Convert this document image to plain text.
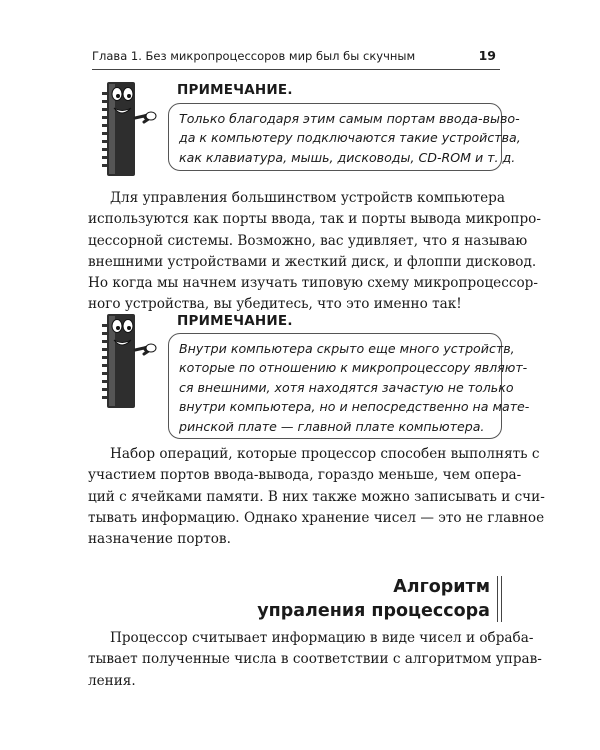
Глава 1. Без микропроцессоров мир был бы скучным	19
ПРИМЕЧАНИЕ.
Только благодаря этим самым портам ввода-выво-
да к компьютеру подключаются такие устройства,
как клавиатура, мышь, дисководы, CD-ROM и т. д.
Для управления большинством устройств компьютера
используются как порты ввода, так и порты вывода микропро-
цессорной системы. Возможно, вас удивляет, что я называю
внешними устройствами и жесткий диск, и флоппи дисковод.
Но когда мы начнем изучать типовую схему микропроцессор-
ного устройства, вы убедитесь, что это именно так!
ПРИМЕЧАНИЕ.
Внутри компьютера скрыто еще много устройств,
которые по отношению к микропроцессору являют-
ся внешними, хотя находятся зачастую не только
внутри компьютера, но и непосредственно на мате-
ринской плате — главной плате компьютера.
Набор операций, которые процессор способен выполнять с
участием портов ввода-вывода, гораздо меньше, чем опера-
ций с ячейками памяти. В них также можно записывать и счи-
тывать информацию. Однако хранение чисел — это не главное
назначение портов.
Алгоритм
упраления процессора
Процессор считывает информацию в виде чисел и обраба-
тывает полученные числа в соответствии с алгоритмом управ-
ления.
